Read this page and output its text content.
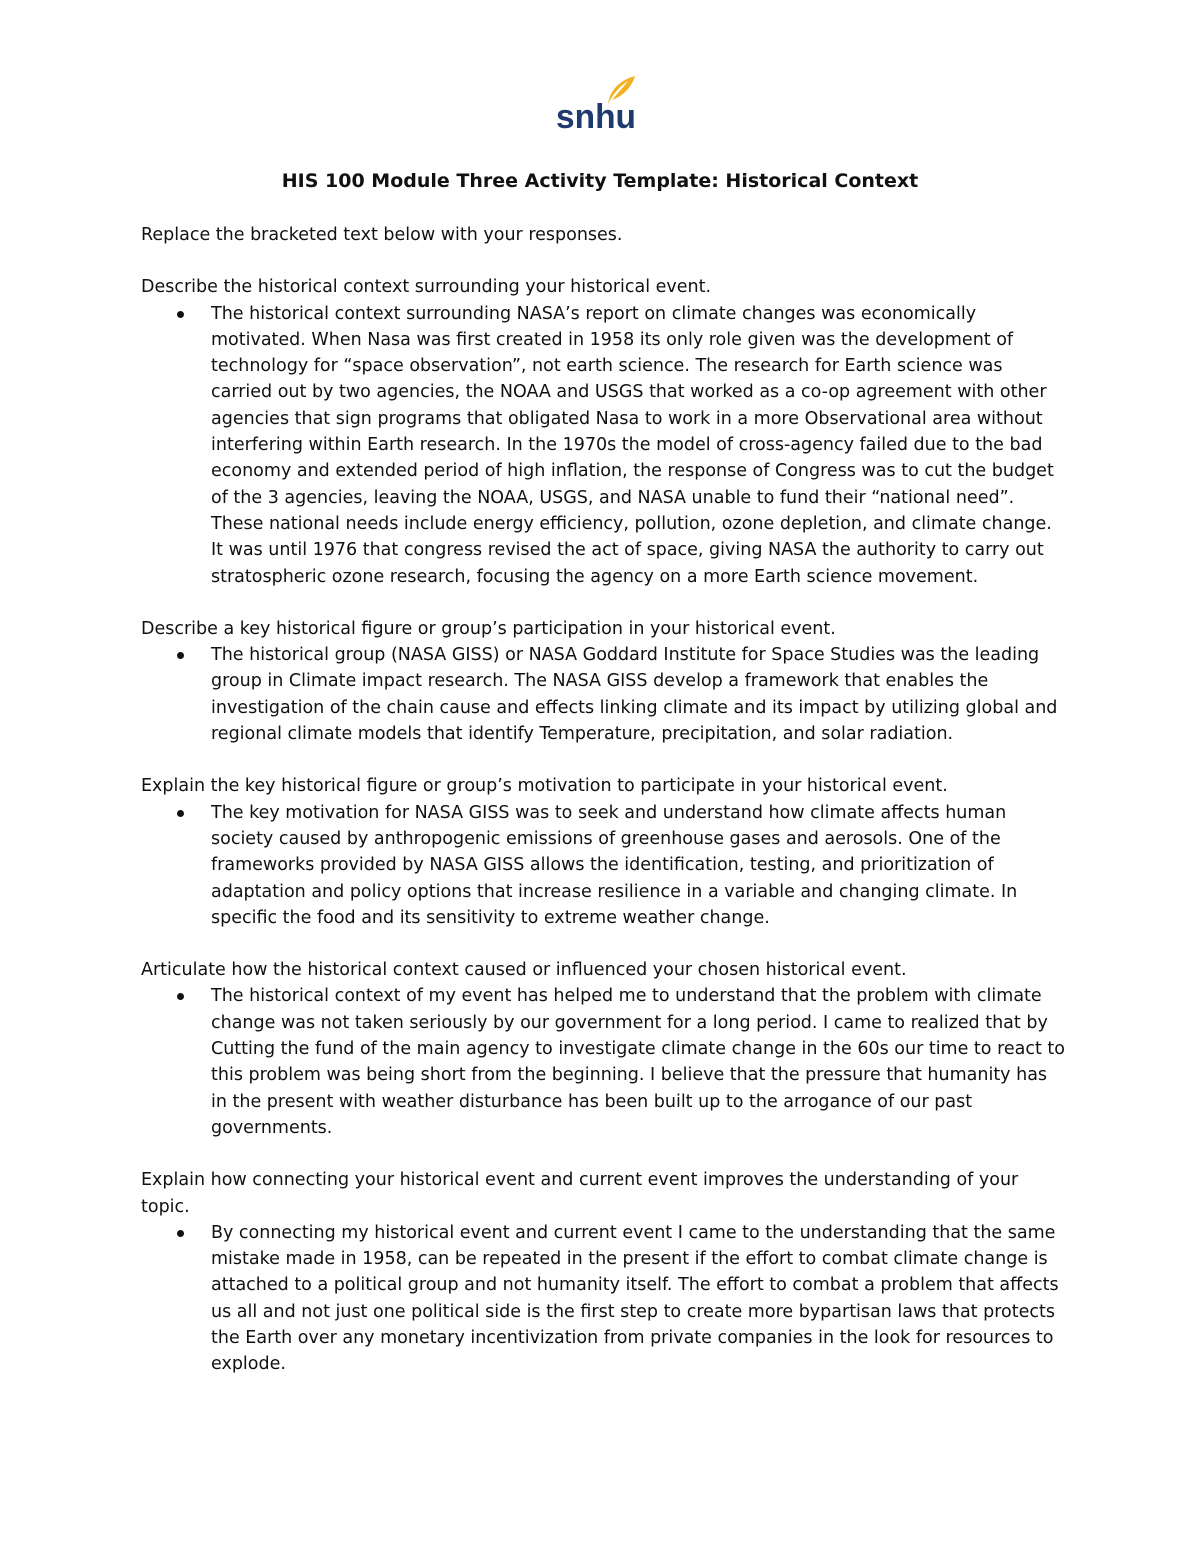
snhu
HIS 100 Module Three Activity Template: Historical Context

Replace the bracketed text below with your responses.

Describe the historical context surrounding your historical event.

The historical context surrounding NASA’s report on climate changes was economically motivated. When Nasa was first created in 1958 its only role given was the development of technology for “space observation”, not earth science. The research for Earth science was carried out by two agencies, the NOAA and USGS that worked as a co-op agreement with other agencies that sign programs that obligated Nasa to work in a more Observational area without interfering within Earth research. In the 1970s the model of cross-agency failed due to the bad economy and extended period of high inflation, the response of Congress was to cut the budget of the 3 agencies, leaving the NOAA, USGS, and NASA unable to fund their “national need”. These national needs include energy efficiency, pollution, ozone depletion, and climate change. It was until 1976 that congress revised the act of space, giving NASA the authority to carry out stratospheric ozone research, focusing the agency on a more Earth science movement.

Describe a key historical figure or group’s participation in your historical event.

The historical group (NASA GISS) or NASA Goddard Institute for Space Studies was the leading group in Climate impact research. The NASA GISS develop a framework that enables the investigation of the chain cause and effects linking climate and its impact by utilizing global and regional climate models that identify Temperature, precipitation, and solar radiation.

Explain the key historical figure or group’s motivation to participate in your historical event.

The key motivation for NASA GISS was to seek and understand how climate affects human society caused by anthropogenic emissions of greenhouse gases and aerosols. One of the frameworks provided by NASA GISS allows the identification, testing, and prioritization of adaptation and policy options that increase resilience in a variable and changing climate. In specific the food and its sensitivity to extreme weather change.

Articulate how the historical context caused or influenced your chosen historical event.

The historical context of my event has helped me to understand that the problem with climate change was not taken seriously by our government for a long period. I came to realized that by Cutting the fund of the main agency to investigate climate change in the 60s our time to react to this problem was being short from the beginning. I believe that the pressure that humanity has in the present with weather disturbance has been built up to the arrogance of our past governments.

Explain how connecting your historical event and current event improves the understanding of your topic.

By connecting my historical event and current event I came to the understanding that the same mistake made in 1958, can be repeated in the present if the effort to combat climate change is attached to a political group and not humanity itself. The effort to combat a problem that affects us all and not just one political side is the first step to create more bypartisan laws that protects the Earth over any monetary incentivization from private companies in the look for resources to explode.
